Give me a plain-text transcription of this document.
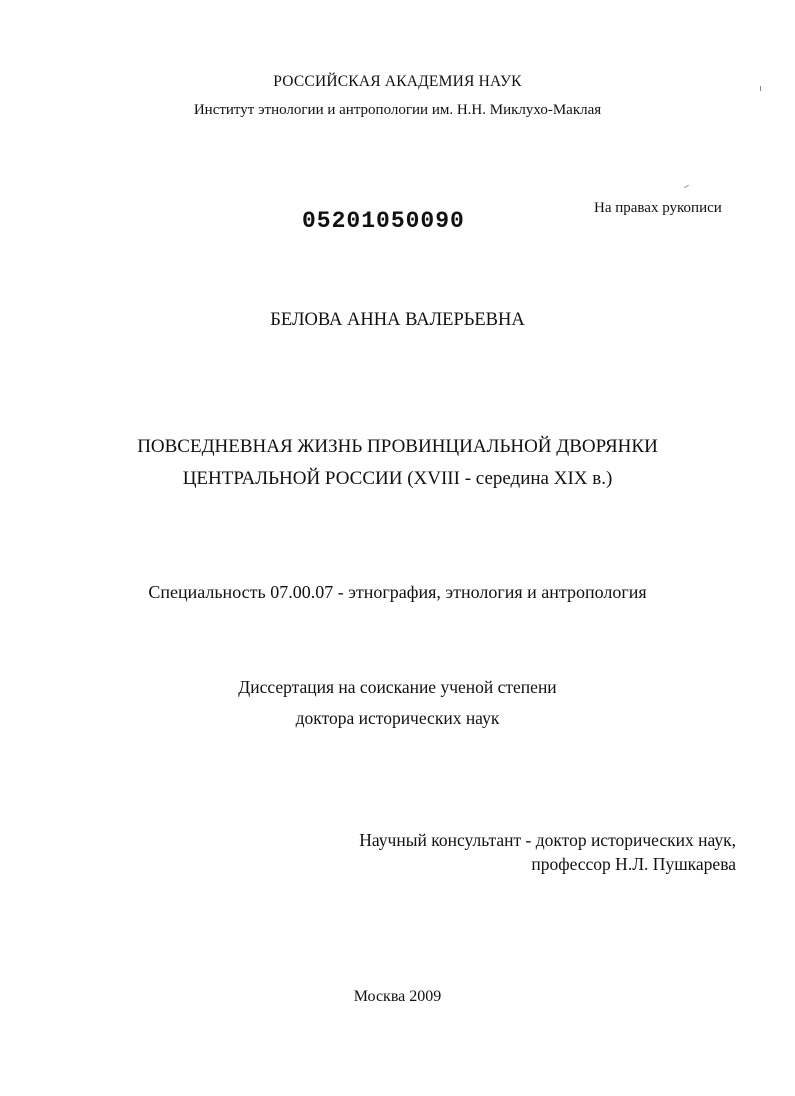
РОССИЙСКАЯ АКАДЕМИЯ НАУК
Институт этнологии и антропологии им. Н.Н. Миклухо-Маклая
05201050090	На правах рукописи
БЕЛОВА АННА ВАЛЕРЬЕВНА
ПОВСЕДНЕВНАЯ ЖИЗНЬ ПРОВИНЦИАЛЬНОЙ ДВОРЯНКИ
ЦЕНТРАЛЬНОЙ РОССИИ (XVIII - середина XIX в.)
Специальность 07.00.07 - этнография, этнология и антропология
Диссертация на соискание ученой степени
доктора исторических наук
Научный консультант - доктор исторических наук,
профессор Н.Л. Пушкарева
Москва 2009
